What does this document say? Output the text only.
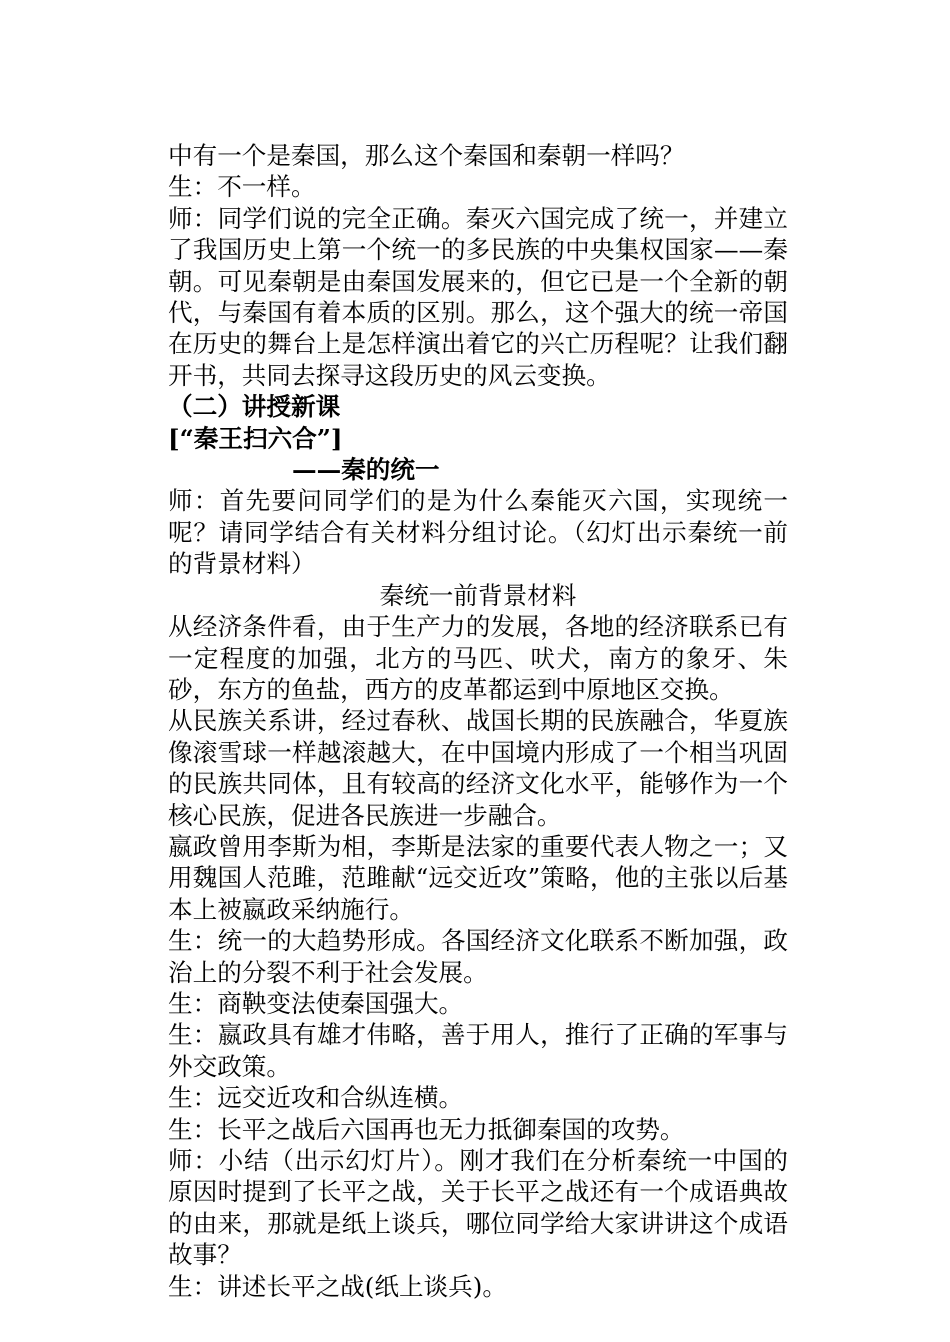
中有一个是秦国，那么这个秦国和秦朝一样吗？

生：不一样。

师：同学们说的完全正确。秦灭六国完成了统一，并建立了我国历史上第一个统一的多民族的中央集权国家——秦朝。可见秦朝是由秦国发展来的，但它已是一个全新的朝代，与秦国有着本质的区别。那么，这个强大的统一帝国在历史的舞台上是怎样演出着它的兴亡历程呢？让我们翻开书，共同去探寻这段历史的风云变换。

（二）讲授新课

[“秦王扫六合”]

——秦的统一

师：首先要问同学们的是为什么秦能灭六国，实现统一呢？请同学结合有关材料分组讨论。（幻灯出示秦统一前的背景材料）

秦统一前背景材料

从经济条件看，由于生产力的发展，各地的经济联系已有一定程度的加强，北方的马匹、吠犬，南方的象牙、朱砂，东方的鱼盐，西方的皮革都运到中原地区交换。

从民族关系讲，经过春秋、战国长期的民族融合，华夏族像滚雪球一样越滚越大，在中国境内形成了一个相当巩固的民族共同体，且有较高的经济文化水平，能够作为一个核心民族，促进各民族进一步融合。

嬴政曾用李斯为相，李斯是法家的重要代表人物之一；又用魏国人范雎，范雎献“远交近攻”策略，他的主张以后基本上被嬴政采纳施行。

生：统一的大趋势形成。各国经济文化联系不断加强，政治上的分裂不利于社会发展。

生：商鞅变法使秦国强大。

生：嬴政具有雄才伟略，善于用人，推行了正确的军事与外交政策。

生：远交近攻和合纵连横。

生：长平之战后六国再也无力抵御秦国的攻势。

师：小结（出示幻灯片）。刚才我们在分析秦统一中国的原因时提到了长平之战，关于长平之战还有一个成语典故的由来，那就是纸上谈兵，哪位同学给大家讲讲这个成语故事？

生：讲述长平之战(纸上谈兵)。
